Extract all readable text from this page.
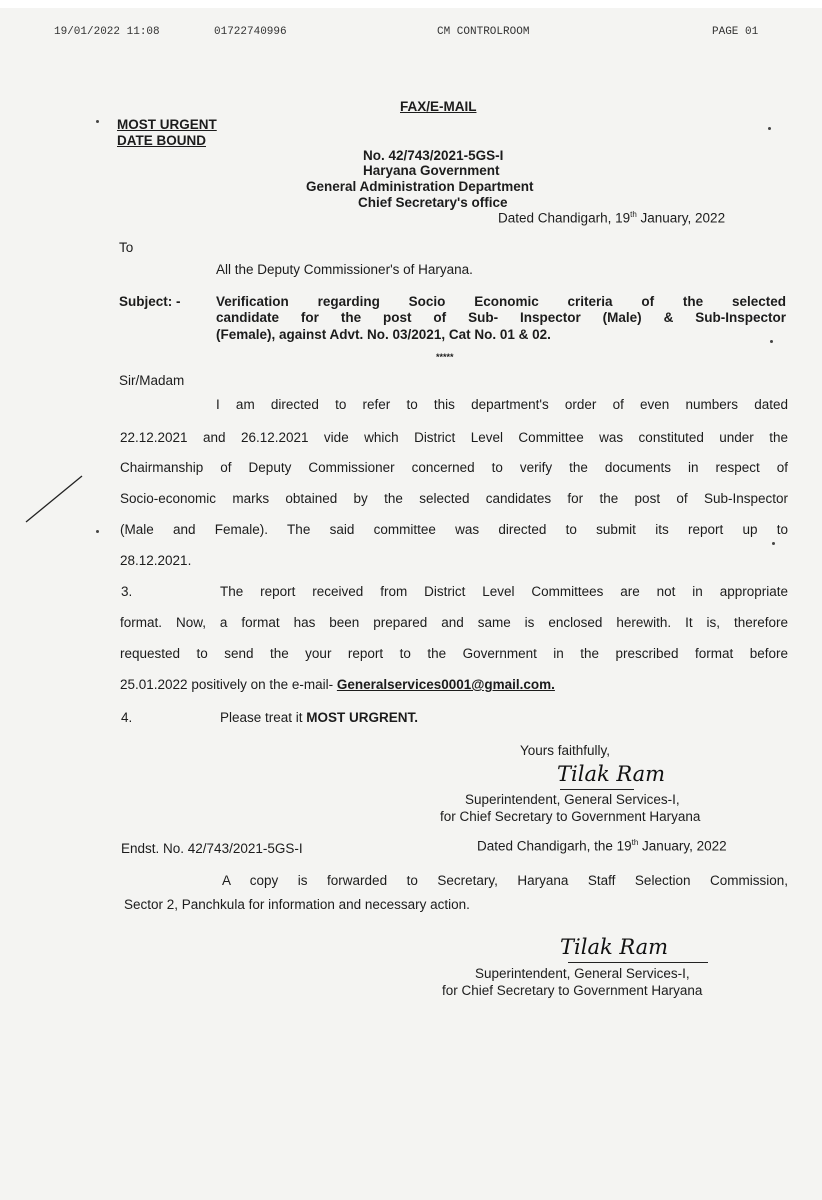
19/01/2022 11:08	01722740996	CM CONTROLROOM	PAGE 01
FAX/E-MAIL
MOST URGENT
DATE BOUND
No. 42/743/2021-5GS-I
Haryana Government
General Administration Department
Chief Secretary's office
Dated Chandigarh, 19th January, 2022
To
All the Deputy Commissioner's of Haryana.
Subject: -	Verification regarding Socio Economic criteria of the selected
candidate for the post of Sub- Inspector (Male) & Sub-Inspector
(Female), against Advt. No. 03/2021, Cat No. 01 & 02.
*****
Sir/Madam
I am directed to refer to this department's order of even numbers dated
22.12.2021 and 26.12.2021 vide which District Level Committee was constituted under the
Chairmanship of Deputy Commissioner concerned to verify the documents in respect of
Socio-economic marks obtained by the selected candidates for the post of Sub-Inspector
(Male and Female). The said committee was directed to submit its report up to
28.12.2021.
3.	The report received from District Level Committees are not in appropriate
format. Now, a format has been prepared and same is enclosed herewith. It is, therefore
requested to send the your report to the Government in the prescribed format before
25.01.2022 positively on the e-mail- Generalservices0001@gmail.com.
4.	Please treat it MOST URGRENT.
Yours faithfully,
Tilak Ram
Superintendent, General Services-I,
for Chief Secretary to Government Haryana
Endst. No. 42/743/2021-5GS-I	Dated Chandigarh, the 19th January, 2022
A copy is forwarded to Secretary, Haryana Staff Selection Commission,
Sector 2, Panchkula for information and necessary action.
Tilak Ram
Superintendent, General Services-I,
for Chief Secretary to Government Haryana
